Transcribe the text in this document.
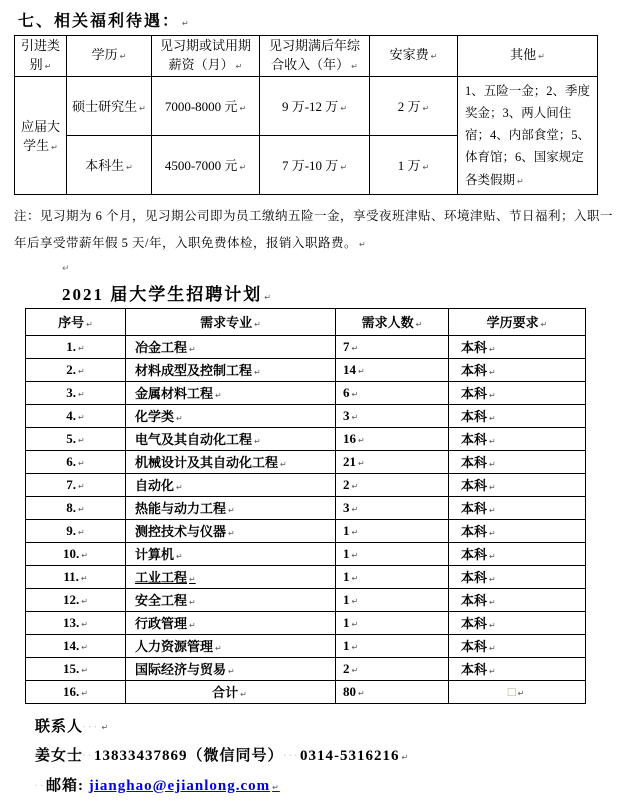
七、相关福利待遇： ↵
引进类别 ↵	学历 ↵	见习期或试用期薪资（月） ↵	见习期满后年综合收入（年） ↵	安家费 ↵	其他 ↵
应届大学生 ↵	硕士研究生 ↵	7000-8000 元 ↵	9 万-12 万 ↵	2 万 ↵	1、五险一金；2、季度奖金；3、两人间住宿；4、内部食堂；5、体育馆；6、国家规定各类假期 ↵
	本科生 ↵	4500-7000 元 ↵	7 万-10 万 ↵	1 万 ↵

注：见习期为 6 个月，见习期公司即为员工缴纳五险一金，享受夜班津贴、环境津贴、节日福利；入职一年后享受带薪年假 5 天/年，入职免费体检，报销入职路费。 ↵

↵
2021 届大学生招聘计划 ↵
序号 ↵	需求专业 ↵	需求人数 ↵	学历要求 ↵
1. ↵	冶金工程 ↵	7 ↵	本科 ↵
2. ↵	材料成型及控制工程 ↵	14 ↵	本科 ↵
3. ↵	金属材料工程 ↵	6 ↵	本科 ↵
4. ↵	化学类 ↵	3 ↵	本科 ↵
5. ↵	电气及其自动化工程 ↵	16 ↵	本科 ↵
6. ↵	机械设计及其自动化工程 ↵	21 ↵	本科 ↵
7. ↵	自动化 ↵	2 ↵	本科 ↵
8. ↵	热能与动力工程 ↵	3 ↵	本科 ↵
9. ↵	测控技术与仪器 ↵	1 ↵	本科 ↵
10. ↵	计算机 ↵	1 ↵	本科 ↵
11. ↵	工业工程 ↵	1 ↵	本科 ↵
12. ↵	安全工程 ↵	1 ↵	本科 ↵
13. ↵	行政管理 ↵	1 ↵	本科 ↵
14. ↵	人力资源管理 ↵	1 ↵	本科 ↵
15. ↵	国际经济与贸易 ↵	2 ↵	本科 ↵
16. ↵	合计 ↵	80 ↵	□ ↵
联系人∙∙∙ ↵
姜女士∙∙13833437869（微信同号）∙∙∙0314-5316216 ↵
∙∙邮箱: jianghao@ejianlong.com ↵
